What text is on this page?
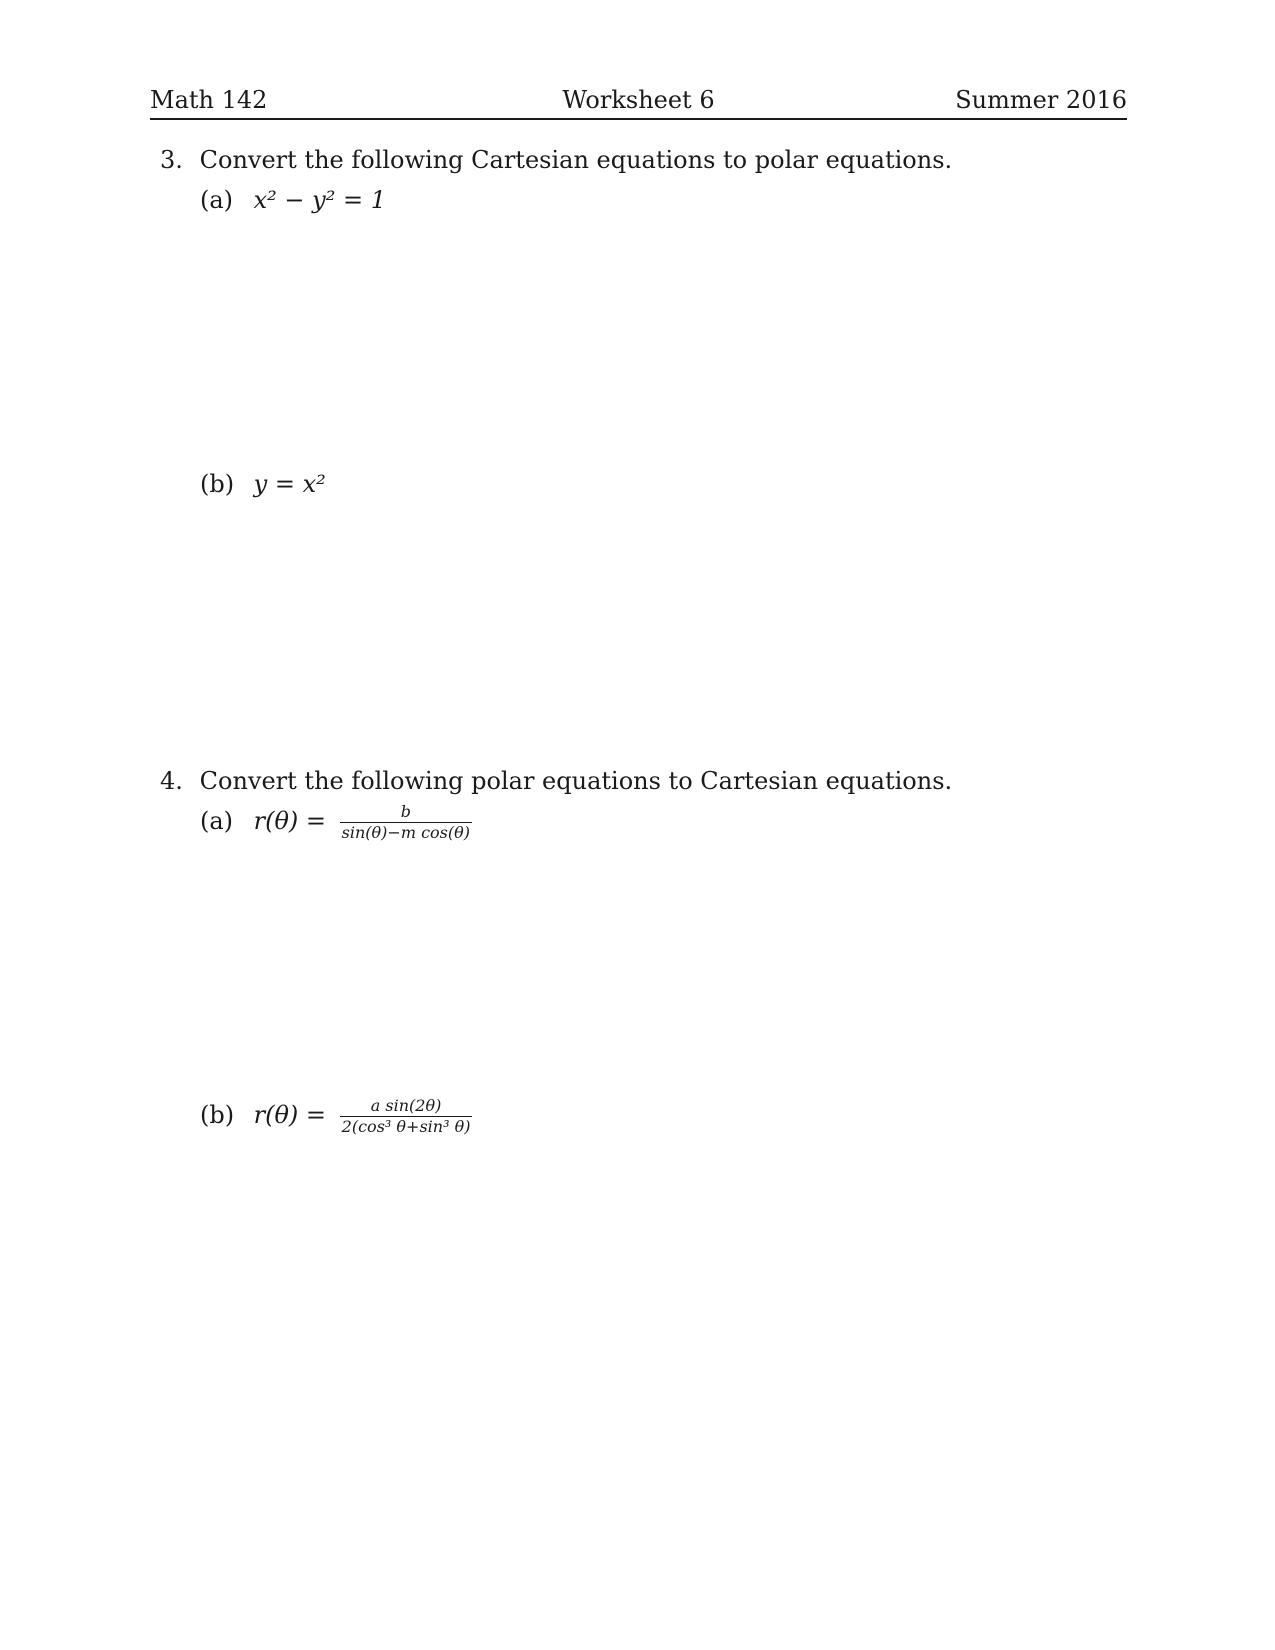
Math 142	Worksheet 6	Summer 2016
3. Convert the following Cartesian equations to polar equations.
(a) x² − y² = 1
(b) y = x²
4. Convert the following polar equations to Cartesian equations.
(a) $r(\theta) = \frac{b}{\text{sin(θ)−m cos(θ)}}$
(b) $r(\theta) = \frac{\text{a sin(2θ)}}{\text{2(cos³ θ+sin³ θ)}}$
